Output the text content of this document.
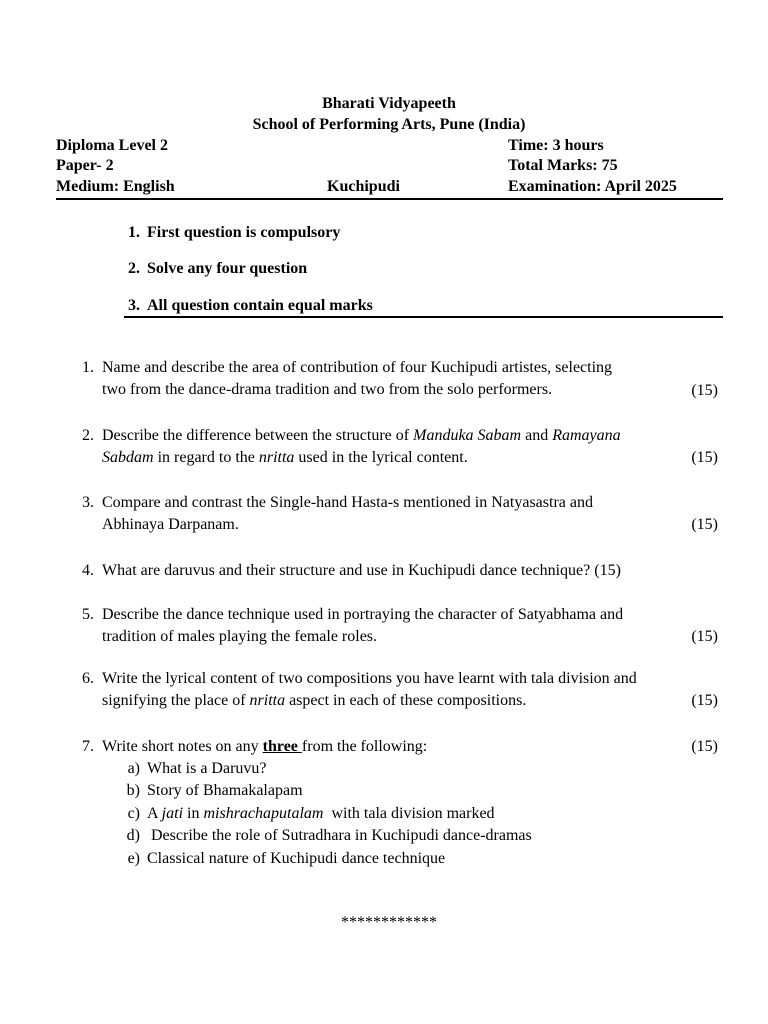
Bharati Vidyapeeth
School of Performing Arts, Pune (India)
Diploma Level 2	Time: 3 hours
Paper- 2	Total Marks: 75
Medium: English	Kuchipudi	Examination: April 2025
1. First question is compulsory
2. Solve any four question
3. All question contain equal marks
1. Name and describe the area of contribution of four Kuchipudi artistes, selecting
two from the dance-drama tradition and two from the solo performers.	(15)
2. Describe the difference between the structure of Manduka Sabam and Ramayana
Sabdam in regard to the nritta used in the lyrical content.	(15)
3. Compare and contrast the Single-hand Hasta-s mentioned in Natyasastra and
Abhinaya Darpanam.	(15)
4. What are daruvus and their structure and use in Kuchipudi dance technique? (15)
5. Describe the dance technique used in portraying the character of Satyabhama and
tradition of males playing the female roles.	(15)
6. Write the lyrical content of two compositions you have learnt with tala division and
signifying the place of nritta aspect in each of these compositions.	(15)
7. Write short notes on any three from the following:	(15)
a) What is a Daruvu?
b) Story of Bhamakalapam
c) A jati in mishrachaputalam  with tala division marked
d) Describe the role of Sutradhara in Kuchipudi dance-dramas
e) Classical nature of Kuchipudi dance technique
************
